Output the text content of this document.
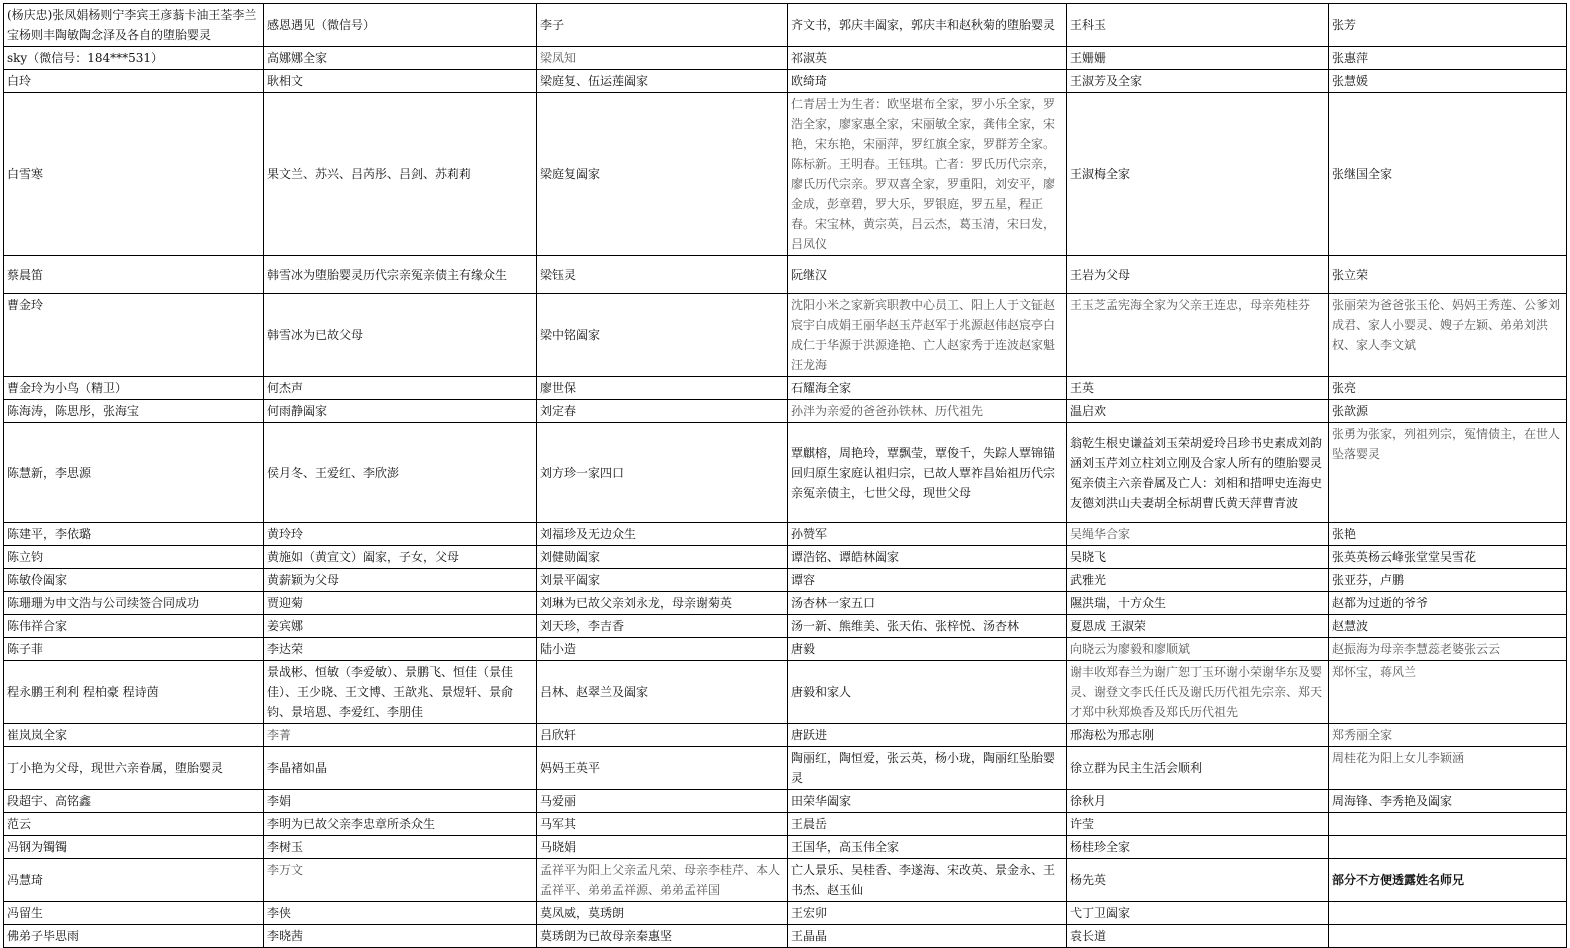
(杨庆忠)张凤娟杨则宁李宾王彦蓊卡油王荃李兰宝杨则丰陶敏陶念泽及各自的堕胎婴灵	感恩遇见（微信号）	李子	齐文书，郭庆丰阖家，郭庆丰和赵秋菊的堕胎婴灵	王科玉	张芳
sky（微信号：184***531）	高娜娜全家	梁凤知	祁淑英	王姗姗	张惠萍
白玲	耿相文	梁庭复、伍运莲阖家	欧绮琦	王淑芳及全家	张慧媛
白雪寒	果文兰、苏兴、吕芮彤、吕剑、苏莉莉	梁庭复阖家	仁青居士为生者：欧坚堪布全家，罗小乐全家，罗浩全家，廖家惠全家，宋丽敏全家，龚伟全家，宋艳，宋东艳，宋丽萍，罗红旗全家，罗群芳全家。陈标新。王明春。王钰琪。亡者：罗氏历代宗亲，廖氏历代宗亲。罗双喜全家，罗重阳，刘安平，廖金成，彭章碧，罗大乐，罗银庭，罗五星，程正春。宋宝林，黄宗英，吕云杰，葛玉清，宋曰发，吕凤仪	王淑梅全家	张继国全家
蔡晨笛	韩雪冰为堕胎婴灵历代宗亲冤亲债主有缘众生	梁钰灵	阮继汉	王岩为父母	张立荣
曹金玲	韩雪冰为已故父母	梁中铭阖家	沈阳小米之家新宾职教中心员工、阳上人于文钲赵宸宇白成娟王丽华赵玉芹赵军于兆源赵伟赵宸亭白成仁于华源于洪源逄艳、亡人赵家秀于连波赵家魁汪龙海	王玉芝孟宪海全家为父亲王连忠，母亲苑桂芬	张丽荣为爸爸张玉伦、妈妈王秀莲、公爹刘成君、家人小婴灵、嫂子左颖、弟弟刘洪权、家人李文斌
曹金玲为小鸟（精卫）	何杰声	廖世保	石耀海全家	王英	张亮
陈海涛，陈思彤，张海宝	何雨静阖家	刘定春	孙泮为亲爱的爸爸孙铁林、历代祖先	温启欢	张歆源
陈慧新，李思源	侯月冬、王爱红、李欣澎	刘方珍一家四口	覃麒榕，周艳玲，覃飘莹，覃俊千，失踪人覃锦锚回归原生家庭认祖归宗，已故人覃祚昌始祖历代宗亲冤亲债主，七世父母，现世父母	翁乾生根史谦益刘玉荣胡爱玲吕珍书史素成刘韵涵刘玉芹刘立柱刘立刚及合家人所有的堕胎婴灵冤亲债主六亲眷属及亡人：刘相和措呷史连海史友德刘洪山夫妻胡全标胡曹氏黄天萍曹青波	张勇为张家，列祖列宗，冤情债主，在世人坠落婴灵
陈建平，李依璐	黄玲玲	刘福珍及无边众生	孙赞军	吴绳华合家	张艳
陈立钧	黄施如（黄宣文）阖家，子女，父母	刘健勋阖家	谭浩铭、谭皓林阖家	吴晓飞	张英英杨云峰张堂堂吴雪花
陈敏伶阖家	黄薪颖为父母	刘景平阖家	谭容	武雅光	张亚芬，卢鹏
陈珊珊为申文浩与公司续签合同成功	贾迎菊	刘琳为已故父亲刘永龙，母亲谢菊英	汤杏林一家五口	隰洪瑞，十方众生	赵都为过逝的爷爷
陈伟祥合家	姜宾娜	刘天珍，李吉香	汤一新、熊维美、张天佑、张梓悦、汤杏林	夏恩成 王淑荣	赵慧波
陈子菲	李达荣	陆小造	唐毅	向晓云为廖毅和廖顺斌	赵振海为母亲李慧蕊老婆张云云
程永鹏王利利 程柏豪 程诗茵	景战彬、恒敏（李爱敏）、景鹏飞、恒佳（景佳佳）、王少晓、王文博、王歆兆、景煜轩、景俞钧、景培恩、李爱红、李朋佳	吕林、赵翠兰及阖家	唐毅和家人	谢丰收郑春兰为谢广恕丁玉环谢小荣谢华东及婴灵、谢登文李氏任氏及谢氏历代祖先宗亲、郑天才郑中秋郑焕香及郑氏历代祖先	郑怀宝，蒋风兰
崔岚岚全家	李菁	吕欣轩	唐跃进	邢海松为邢志刚	郑秀丽全家
丁小艳为父母，现世六亲眷属，堕胎婴灵	李晶褚如晶	妈妈王英平	陶丽红，陶恒爱，张云英，杨小珑，陶丽红坠胎婴灵	徐立群为民主生活会顺利	周桂花为阳上女儿李颖涵
段超宇、高铭鑫	李娟	马爱丽	田荣华阖家	徐秋月	周海锋、李秀艳及阖家
范云	李明为已故父亲李忠章所杀众生	马军其	王晨岳	许莹	
冯钢为镯镯	李树玉	马晓娟	王国华，高玉伟全家	杨桂珍全家	
冯慧琦	李万文	孟祥平为阳上父亲孟凡荣、母亲李桂芹、本人孟祥平、弟弟孟祥源、弟弟孟祥国	亡人景乐、吴桂香、李遂海、宋改英、景金永、王书杰、赵玉仙	杨先英	部分不方便透露姓名师兄
冯留生	李侠	莫凤威，莫琇朗	王宏卯	弋丁卫阖家	
佛弟子毕思雨	李晓茜	莫琇朗为已故母亲秦惠坚	王晶晶	袁长道	
